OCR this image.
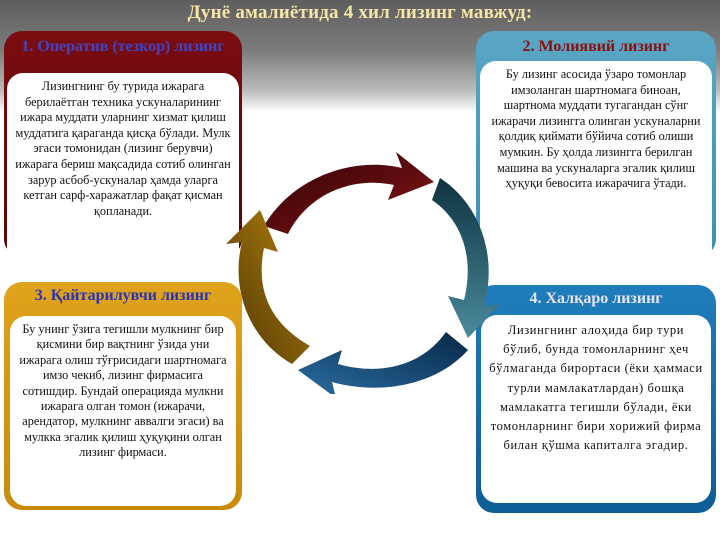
Дунё амалиётида 4 хил лизинг мавжуд:
1. Оператив (тезкор) лизинг
Лизингнинг бу турида ижарага берилаётган техника ускуналарининг ижара муддати уларнинг хизмат қилиш муддатига қараганда қисқа бўлади. Мулк эгаси томонидан (лизинг берувчи) ижарага бериш мақсадида сотиб олинган зарур асбоб-ускуналар ҳамда уларга кетган сарф-харажатлар фақат қисман қопланади.
2. Молиявий лизинг
Бу лизинг асосида ўзаро томонлар имзоланган шартномага биноан, шартнома муддати тугагандан сўнг ижарачи лизингга олинган ускуналарни қолдиқ қиймати бўйича сотиб олиши мумкин. Бу ҳолда лизингга берилган машина ва ускуналарга эгалик қилиш ҳуқуқи бевосита ижарачига ўтади.
3. Қайтарилувчи лизинг
Бу унинг ўзига тегишли мулкнинг бир қисмини бир вақтнинг ўзида уни ижарага олиш тўғрисидаги шартномага имзо чекиб, лизинг фирмасига сотишдир. Бундай операцияда мулкни ижарага олган томон (ижарачи, арендатор, мулкнинг аввалги эгаси) ва мулкка эгалик қилиш ҳуқуқини олган лизинг фирмаси.
4. Халқаро лизинг
Лизингнинг алоҳида бир тури бўлиб, бунда томонларнинг ҳеч бўлмаганда бирортаси (ёки ҳаммаси турли мамлакатлардан) бошқа мамлакатга тегишли бўлади, ёки томонларнинг бири хорижий фирма билан қўшма капиталга эгадир.
